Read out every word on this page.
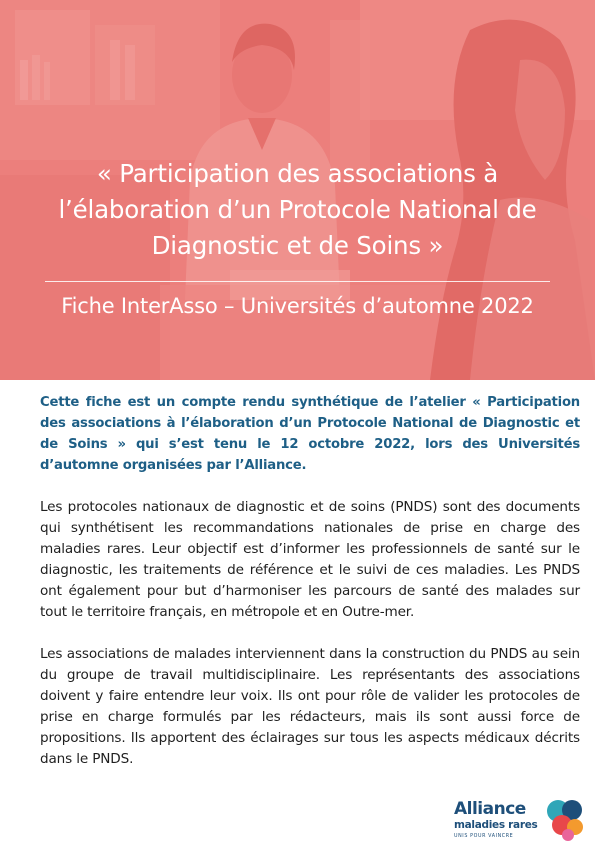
« Participation des associations à
l’élaboration d’un Protocole National de
Diagnostic et de Soins »
Fiche InterAsso – Universités d’automne 2022

Cette fiche est un compte rendu synthétique de l’atelier « Participation des associations à l’élaboration d’un Protocole National de Diagnostic et de Soins » qui s’est tenu le 12 octobre 2022, lors des Universités d’automne organisées par l’Alliance.

Les protocoles nationaux de diagnostic et de soins (PNDS) sont des documents qui synthétisent les recommandations nationales de prise en charge des maladies rares. Leur objectif est d’informer les professionnels de santé sur le diagnostic, les traitements de référence et le suivi de ces maladies. Les PNDS ont également pour but d’harmoniser les parcours de santé des malades sur tout le territoire français, en métropole et en Outre-mer.

Les associations de malades interviennent dans la construction du PNDS au sein du groupe de travail multidisciplinaire. Les représentants des associations doivent y faire entendre leur voix. Ils ont pour rôle de valider les protocoles de prise en charge formulés par les rédacteurs, mais ils sont aussi force de propositions. Ils apportent des éclairages sur tous les aspects médicaux décrits dans le PNDS.

Alliance
maladies rares
UNIS POUR VAINCRE
